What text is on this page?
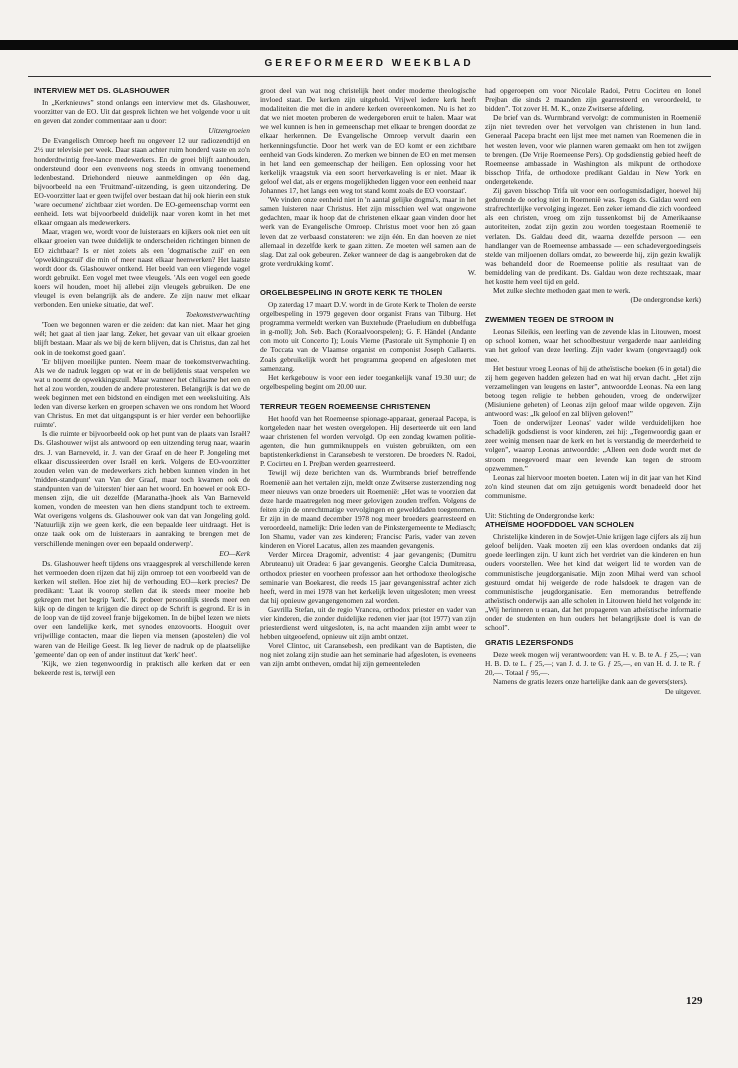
GEREFORMEERD WEEKBLAD
INTERVIEW MET DS. GLASHOUWER

In „Kerknieuws” stond onlangs een interview met ds. Glashouwer, voorzitter van de EO. Uit dat gesprek lichten we het volgende voor u uit en geven dat zonder commentaar aan u door:

Uitzengroeien

De Evangelisch Omroep heeft nu ongeveer 12 uur radiozendtijd en 2½ uur televisie per week. Daar staan achter ruim honderd vaste en zo'n honderdtwintig free-lance medewerkers. En de groei blijft aanhouden, ondersteund door een evenveens nog steeds in omvang toenemend ledenbestand. Driehonderd nieuwe aanmeldingen op één dag, bijvoorbeeld na een 'Fruitmand'-uitzending, is geen uitzondering. De EO-voorzitter laat er geen twijfel over bestaan dat hij ook hierin een stuk 'ware oecumene' zichtbaar ziet worden. De EO-gemeenschap vormt een eenheid. Iets wat bijvoorbeeld duidelijk naar voren komt in het met elkaar omgaan als medewerkers.

Maar, vragen we, wordt voor de luisteraars en kijkers ook niet een uit elkaar groeien van twee duidelijk te onderscheiden richtingen binnen de EO zichtbaar? Is er niet zoiets als een 'dogmatische zuil' en een 'opwekkingszuil' die min of meer naast elkaar heenwerken? Het laatste wordt door ds. Glashouwer ontkend. Het beeld van een vliegende vogel wordt gebruikt. Een vogel met twee vleugels. 'Als een vogel een goede koers wil houden, moet hij allebei zijn vleugels gebruiken. De ene vleugel is even belangrijk als de andere. Ze zijn nauw met elkaar verbonden. Een unieke situatie, dat wel'.

Toekomstverwachting

'Toen we begonnen waren er die zeiden: dat kan niet. Maar het ging wél; het gaat al tien jaar lang. Zeker, het gevaar van uit elkaar groeien blijft bestaan. Maar als we bij de kern blijven, dat is Christus, dan zal het ook in de toekomst goed gaan'.

'Er blijven moeilijke punten. Neem maar de toekomstverwachting. Als we de nadruk leggen op wat er in de belijdenis staat verspelen we wat u noemt de opwekkingszuil. Maar wanneer het chiliasme het een en het al zou worden, zouden de andere protesteren. Belangrijk is dat we de week beginnen met een bidstond en eindigen met een weeksluiting. Als leden van diverse kerken en groepen schaven we ons rondom het Woord van Christus. En met dat uitgangspunt is er hier verder een behoorlijke ruimte'.

Is die ruimte er bijvoorbeeld ook op het punt van de plaats van Israël? Ds. Glashouwer wijst als antwoord op een uitzending terug naar, waarin drs. J. van Barneveld, ir. J. van der Graaf en de heer P. Jongeling met elkaar discussieerden over Israël en kerk. Volgens de EO-voorzitter zouden velen van de medewerkers zich hebben kunnen vinden in het 'midden-standpunt' van Van der Graaf, maar toch kwamen ook de standpunten van de 'uitersten' hier aan het woord. En hoewel er ook EO-mensen zijn, die uit dezelfde (Maranatha-)hoek als Van Barneveld komen, vonden de meesten van hen diens standpunt toch te extreem. Wat overigens volgens ds. Glashouwer ook van dat van Jongeling gold. 'Natuurlijk zijn we geen kerk, die een bepaalde leer uitdraagt. Het is onze taak ook om de luisteraars in aanraking te brengen met de verschillende meningen over een bepaald onderwerp'.

EO—Kerk

Ds. Glashouwer heeft tijdens ons vraaggesprek al verschillende keren het vermoeden doen rijzen dat hij zijn omroep tot een voorbeeld van de kerken wil stellen. Hoe ziet hij de verhouding EO—kerk precies? De predikant: 'Laat ik voorop stellen dat ik steeds meer moeite heb gekregen met het begrip 'kerk'. Ik probeer persoonlijk steeds meer een kijk op de dingen te krijgen die direct op de Schrift is gegrond. Er is in de loop van de tijd zoveel franje bijgekomen. In de bijbel lezen we niets over een landelijke kerk, met synodes enzovoorts. Hooguit over vrijwillige contacten, maar die liepen via mensen (apostelen) die vol waren van de Heilige Geest. Ik leg liever de nadruk op de plaatselijke 'gemeente' dan op een of ander instituut dat 'kerk' heet'.

'Kijk, we zien tegenwoordig in praktisch alle kerken dat er een bekeerde rest is, terwijl een

groot deel van wat nog christelijk heet onder moderne theologische invloed staat. De kerken zijn uitgehold. Vrijwel iedere kerk heeft modaliteiten die met die in andere kerken overeenkomen. Nu is het zo dat we niet moeten proberen de wedergeboren eruit te halen. Maar wat we wel kunnen is hen in gemeenschap met elkaar te brengen doordat ze elkaar herkennen. De Evangelische Omroep vervult daarin een herkenningsfunctie. Door het werk van de EO komt er een zichtbare eenheid van Gods kinderen. Zo merken we binnen de EO en met mensen in het land een gemeenschap der heiligen. Een oplossing voor het kerkelijk vraagstuk via een soort herverkaveling is er niet. Maar ik geloof wel dat, als er ergens mogelijkheden liggen voor een eenheid naar Johannes 17, het langs een weg tot stand komt zoals de EO voorstaat'.

'We vinden onze eenheid niet in 'n aantal gelijke dogma's, maar in het samen luisteren naar Christus. Het zijn misschien wel wat ongewone gedachten, maar ik hoop dat de christenen elkaar gaan vinden door het werk van de Evangelische Omroep. Christus moet voor hen zó gaan leven dat ze verbaasd constateren: we zijn één. En dan hoeven ze niet allemaal in dezelfde kerk te gaan zitten. Ze moeten wél samen aan de slag. Dat zal ook gebeuren. Zeker wanneer de dag is aangebroken dat de grote verdrukking komt'.

W.
ORGELBESPELING IN GROTE KERK TE THOLEN

Op zaterdag 17 maart D.V. wordt in de Grote Kerk te Tholen de eerste orgelbespeling in 1979 gegeven door organist Frans van Tilburg. Het programma vermeldt werken van Buxtehude (Praeludium en dubbelfuga in g-moll); Joh. Seb. Bach (Koraalvoorspelen); G. F. Händel (Andante con moto uit Concerto I); Louis Vierne (Pastorale uit Symphonie I) en de Toccata van de Vlaamse organist en componist Joseph Callaerts. Zoals gebruikelijk wordt het programma geopend en afgesloten met samenzang.

Het kerkgebouw is voor een ieder toegankelijk vanaf 19.30 uur; de orgelbespeling begint om 20.00 uur.

TERREUR TEGEN ROEMEENSE CHRISTENEN

Het hoofd van het Roemeense spionage-apparaat, generaal Pacepa, is kortgeleden naar het westen overgelopen. Hij deserteerde uit een land waar christenen fel worden vervolgd. Op een zondag kwamen politie-agenten, die hun gummiknuppels en vuisten gebruikten, om een baptistenkerkdienst in Caransebesh te verstoren. De broeders N. Radoi, P. Cocirteu en I. Prejban werden gearresteerd.

Tewijl wij deze berichten van ds. Wurmbrands brief betreffende Roemenië aan het vertalen zijn, meldt onze Zwitserse zusterzending nog meer nieuws van onze broeders uit Roemenië: „Het was te voorzien dat deze harde maatregelen nog meer gelovigen zouden treffen. Volgens de feiten zijn de onrechtmatige vervolgingen en gewelddaden toegenomen. Er zijn in de maand december 1978 nog meer broeders gearresteerd en veroordeeld, namelijk: Drie leden van de Pinkstergemeente te Mediasch; Ion Shamu, vader van zes kinderen; Francisc Paris, vader van zeven kinderen en Viorel Lacatus, allen zes maanden gevangenis.

Verder Mircea Dragomir, adventist: 4 jaar gevangenis; (Dumitru Abruteanu) uit Oradea: 6 jaar gevangenis. Georghe Calcia Dumitreasa, orthodox priester en voorheen professor aan het orthodoxe theologische seminarie van Boekarest, die reeds 15 jaar gevangenisstraf achter zich heeft, werd in mei 1978 van het kerkelijk leven uitgesloten; men vreest dat hij opnieuw gevangengenomen zal worden.

Gavrilla Stefan, uit de regio Vrancea, orthodox priester en vader van vier kinderen, die zonder duidelijke redenen vier jaar (tot 1977) van zijn priesterdienst werd uitgesloten, is, na acht maanden zijn ambt weer te hebben uitgeoefend, opnieuw uit zijn ambt ontzet.

Vorel Clintoc, uit Caransebesh, een predikant van de Baptisten, die nog niet zolang zijn studie aan het seminarie had afgesloten, is eveneens van zijn ambt ontheven, omdat hij zijn gemeenteleden

had opgeroepen om voor Nicolale Radoi, Petru Cocirteu en Ionel Prejban die sinds 2 maanden zijn gearresteerd en veroordeeld, te bidden”. Tot zover H. M. K., onze Zwitserse afdeling.

De brief van ds. Wurmbrand vervolgt: de communisten in Roemenië zijn niet tevreden over het vervolgen van christenen in hun land. Generaal Pacepa bracht een lijst mee met namen van Roemenen die in het westen leven, voor wie plannen waren gemaakt om hen tot zwijgen te brengen. (De Vrije Roemeense Pers). Op godsdienstig gebied heeft de Roemeense ambassade in Washington als mikpunt de orthodoxe bisschop Trifa, de orthodoxe predikant Galdau in New York en ondergetekende.

Zij gaven bisschop Trifa uit voor een oorlogsmisdadiger, hoewel hij gedurende de oorlog niet in Roemenië was. Tegen ds. Galdau werd een strafrechterlijke vervolging ingezet. Een zeker iemand die zich voordeed als een christen, vroeg om zijn tussenkomst bij de Amerikaanse autoriteiten, zodat zijn gezin zou worden toegestaan Roemenië te verlaten. Ds. Galdau deed dit, waarna dezelfde persoon — een handlanger van de Roemeense ambassade — een schadevergoedingseis stelde van miljoenen dollars omdat, zo beweerde hij, zijn gezin kwalijk was behandeld door de Roemeense politie als resultaat van de bemiddeling van de predikant. Ds. Galdau won deze rechtszaak, maar het kostte hem veel tijd en geld.

Met zulke slechte methoden gaat men te werk.

(De ondergrondse kerk)
ZWEMMEN TEGEN DE STROOM IN

Leonas Sileikis, een leerling van de zevende klas in Litouwen, moest op school komen, waar het schoolbestuur vergaderde naar aanleiding van het geloof van deze leerling. Zijn vader kwam (ongevraagd) ook mee.

Het bestuur vroeg Leonas of hij de atheïstische boeken (6 in getal) die zij hem gegeven hadden gelezen had en wat hij ervan dacht. „Het zijn verzamelingen van leugens en laster”, antwoordde Leonas. Na een lang betoog tegen religie te hebben gehouden, vroeg de onderwijzer (Misiuniene geheten) of Leonas zijn geloof maar wilde opgeven. Zijn antwoord was: „Ik geloof en zal blijven geloven!”

Toen de onderwijzer Leonas' vader wilde verduidelijken hoe schadelijk godsdienst is voor kinderen, zei hij: „Tegenwoordig gaan er zeer weinig mensen naar de kerk en het is verstandig de meerderheid te volgen”, waarop Leonas antwoordde: „Alleen een dode wordt met de stroom meegevoerd maar een levende kan tegen de stroom opzwemmen.”

Leonas zal hiervoor moeten boeten. Laten wij in dit jaar van het Kind zo'n kind steunen dat om zijn getuigenis wordt benadeeld door het communisme.

Uit: Stichting de Ondergrondse kerk:
ATHEÏSME HOOFDDOEL VAN SCHOLEN

Christelijke kinderen in de Sowjet-Unie krijgen lage cijfers als zij hun geloof belijden. Vaak moeten zij een klas overdoen ondanks dat zij goede leerlingen zijn. U kunt zich het verdriet van die kinderen en hun ouders voorstellen. Wee het kind dat weigert lid te worden van de communistische jeugdorganisatie. Mijn zoon Mihai werd van school gestuurd omdat hij weigerde de rode halsdoek te dragen van de communistische jeugdorganisatie. Een memorandus betreffende atheïstisch onderwijs aan alle scholen in Litouwen hield het volgende in: „Wij herinneren u eraan, dat het propageren van atheïstische informatie onder de studenten en hun ouders het belangrijkste doel is van de school”.

GRATIS LEZERSFONDS

Deze week mogen wij verantwoorden: van H. v. B. te A. ƒ 25,—; van H. B. D. te L. ƒ 25,—; van J. d. J. te G. ƒ 25,—, en van H. d. J. te R. ƒ 20,—. Totaal ƒ 95,—.

Namens de gratis lezers onze hartelijke dank aan de gevers(sters).

De uitgever.
129
